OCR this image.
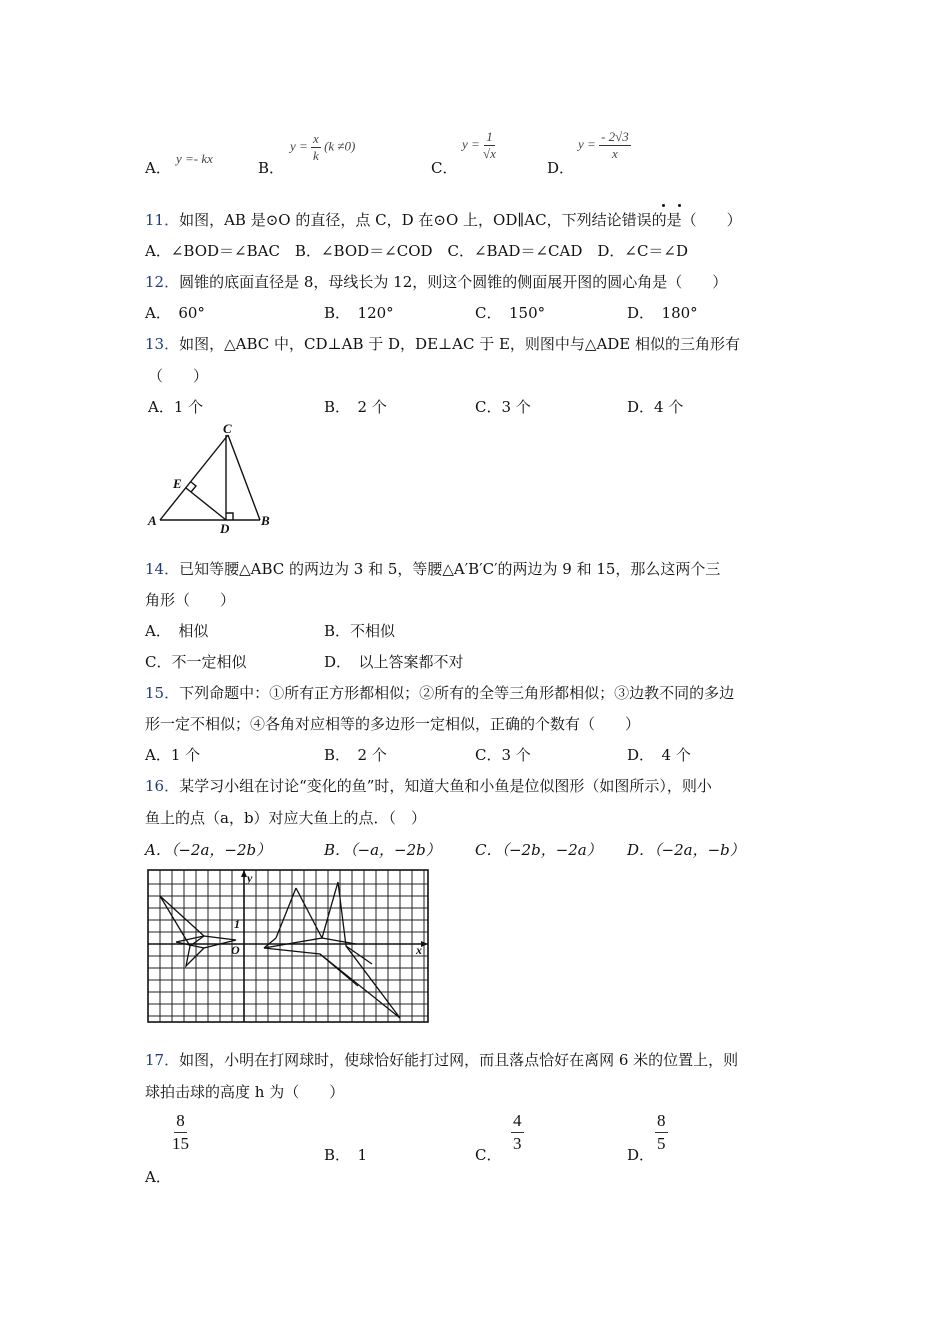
A．
y =- kx
B．
$y = \frac{x}{k} (k \ne 0)$
C．
$y = \frac{1}{√x}$
D．
$y = \frac{- 2√3}{x}$
11．如图，AB 是⊙O 的直径，点 C，D 在⊙O 上，OD∥AC，下列结论错误的是（　　）
A．∠BOD＝∠BAC　B．∠BOD＝∠COD　C．∠BAD＝∠CAD　D．∠C＝∠D
12．圆锥的底面直径是 8，母线长为 12，则这个圆锥的侧面展开图的圆心角是（　　）
A．　60°	B．　120°	C．　150°	D．　180°
13．如图，△ABC 中，CD⊥AB 于 D，DE⊥AC 于 E，则图中与△ADE 相似的三角形有
（　　）
A．1 个	B．　2 个	C．3 个	D．4 个
C
E
A
D
B
14．已知等腰△ABC 的两边为 3 和 5，等腰△A′B′C′的两边为 9 和 15，那么这两个三
角形（　　）
A．　相似	B．不相似
C．不一定相似	D．　以上答案都不对
15．下列命题中：①所有正方形都相似；②所有的全等三角形都相似；③边教不同的多边
形一定不相似；④各角对应相等的多边形一定相似，正确的个数有（　　）
A．1 个	B．　2 个	C．3 个	D．　4 个
16．某学习小组在讨论“变化的鱼”时，知道大鱼和小鱼是位似图形（如图所示），则小
鱼上的点（a，b）对应大鱼上的点．（　）
A．（−2a，−2b）	B．（−a，−2b） C．（−2b，−2a） D．（−2a，−b）
y
x
O
1
17．如图，小明在打网球时，使球恰好能打过网，而且落点恰好在离网 6 米的位置上，则
球拍击球的高度 h 为（　　）
$\frac{8}{15}$
A．
B．　1	C． $\frac{4}{3}$	D． $\frac{8}{5}$
